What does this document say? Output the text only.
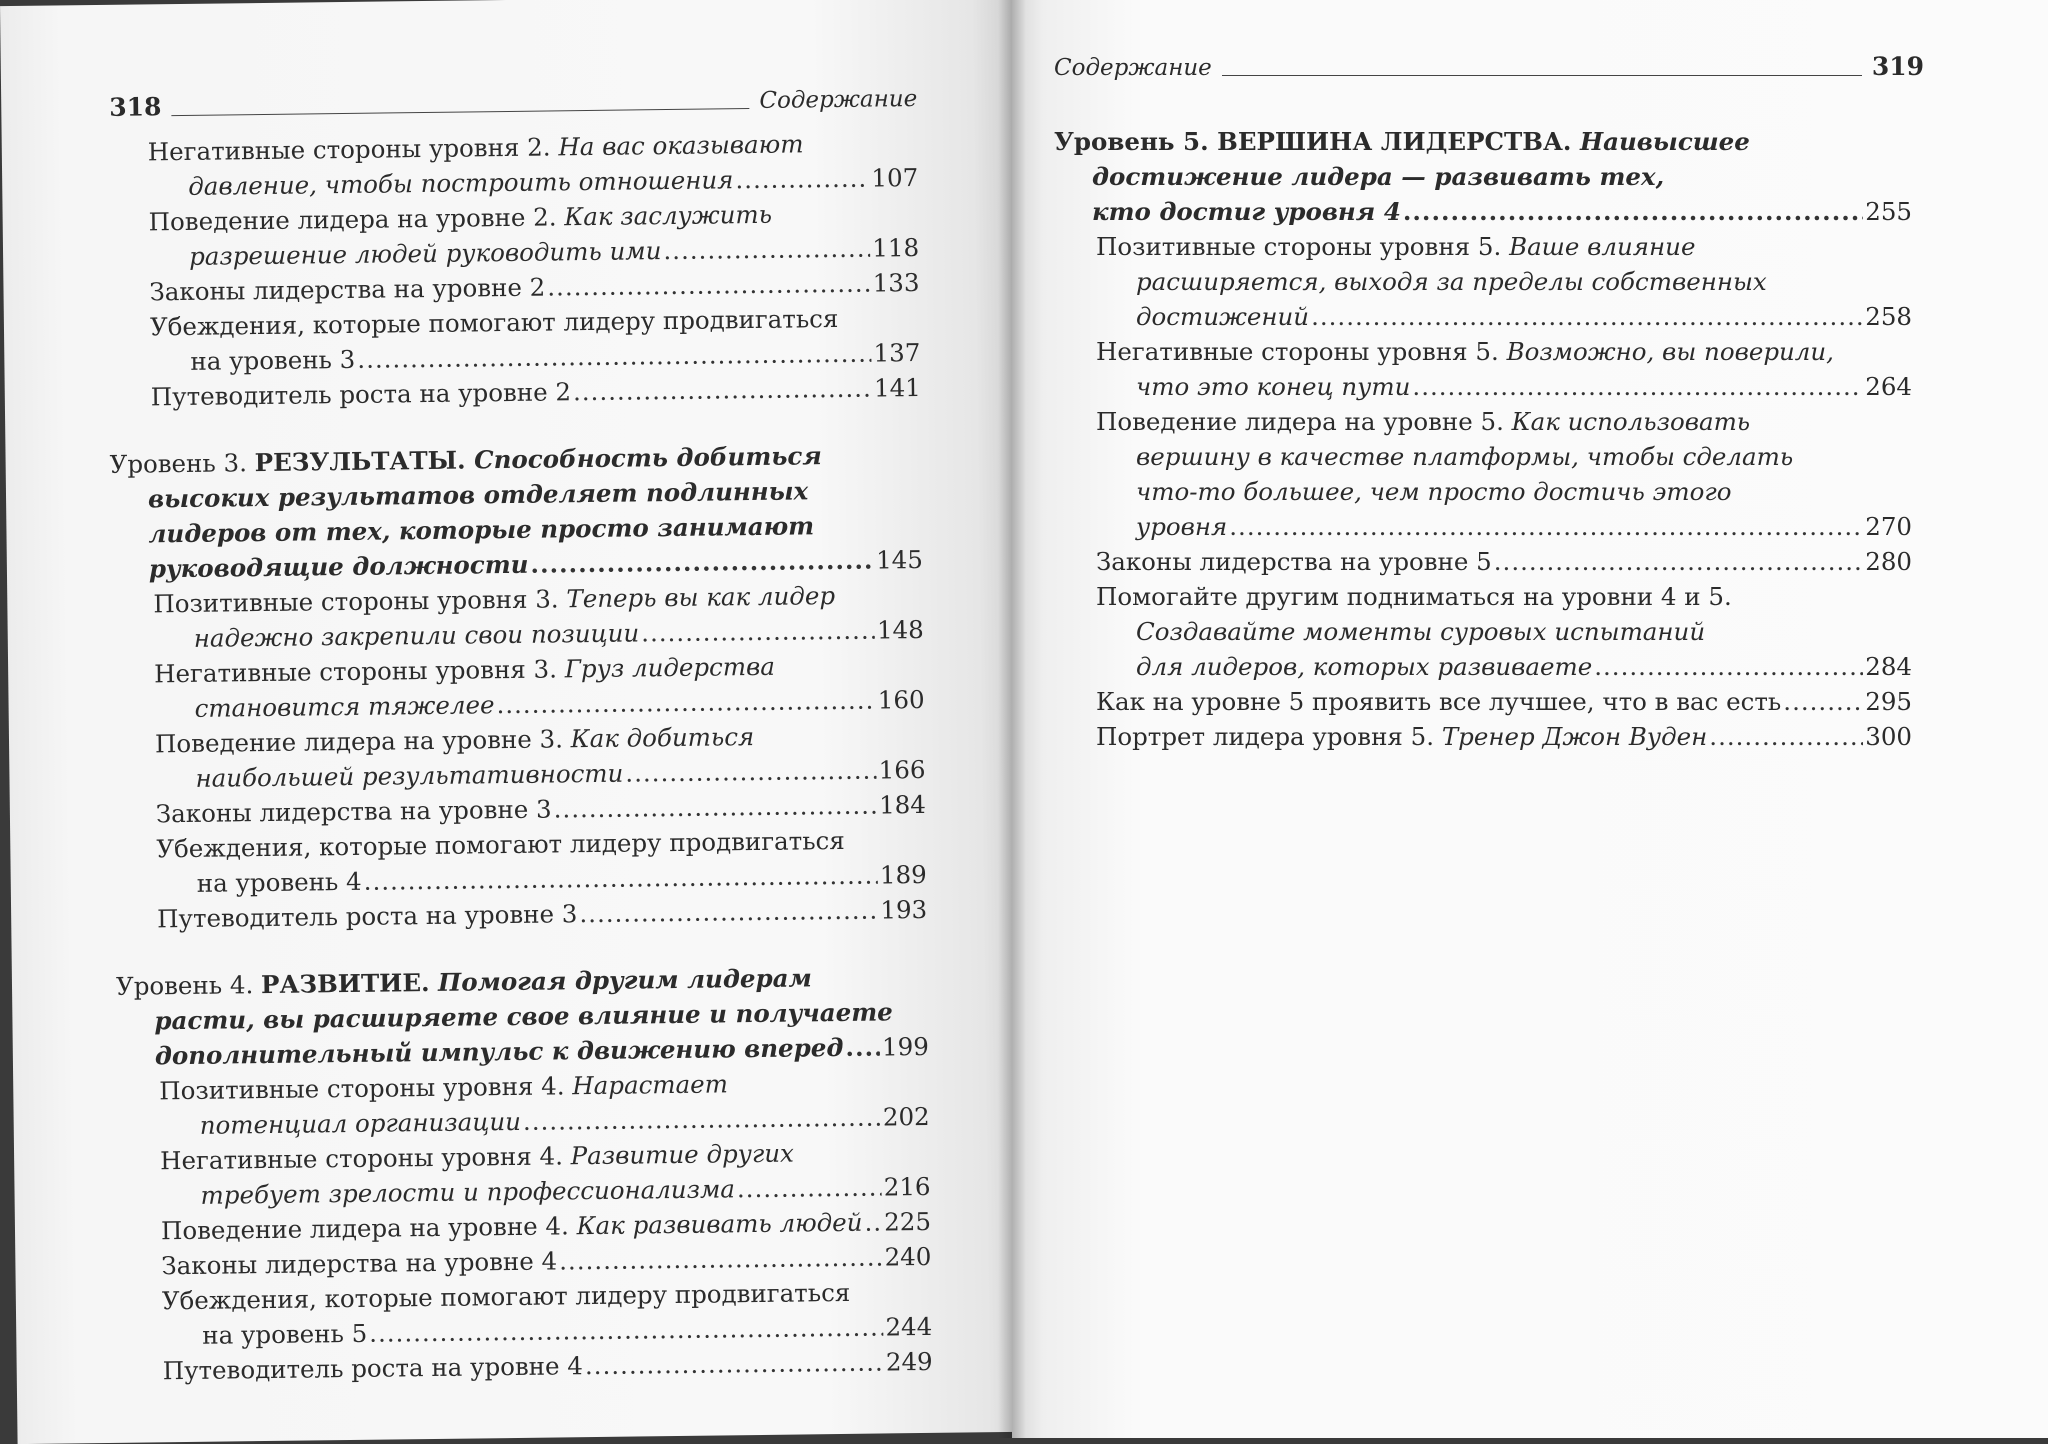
318	Содержание
Негативные стороны уровня 2. На вас оказывают
давление, чтобы построить отношения .....	107
Поведение лидера на уровне 2. Как заслужить
разрешение людей руководить ими .....	118
Законы лидерства на уровне 2 .....	133
Убеждения, которые помогают лидеру продвигаться
на уровень 3 .....	137
Путеводитель роста на уровне 2 .....	141
Уровень 3. РЕЗУЛЬТАТЫ. Способность добиться
высоких результатов отделяет подлинных
лидеров от тех, которые просто занимают
руководящие должности .....	145
Позитивные стороны уровня 3. Теперь вы как лидер
надежно закрепили свои позиции .....	148
Негативные стороны уровня 3. Груз лидерства
становится тяжелее .....	160
Поведение лидера на уровне 3. Как добиться
наибольшей результативности .....	166
Законы лидерства на уровне 3 .....	184
Убеждения, которые помогают лидеру продвигаться
на уровень 4 .....	189
Путеводитель роста на уровне 3 .....	193
Уровень 4. РАЗВИТИЕ. Помогая другим лидерам
расти, вы расширяете свое влияние и получаете
дополнительный импульс к движению вперед ..... 199
Позитивные стороны уровня 4. Нарастает
потенциал организации .....	202
Негативные стороны уровня 4. Развитие других
требует зрелости и профессионализма .....	216
Поведение лидера на уровне 4. Как развивать людей ..... 225
Законы лидерства на уровне 4 .....	240
Убеждения, которые помогают лидеру продвигаться
на уровень 5 .....	244
Путеводитель роста на уровне 4 .....	249
Содержание	319
Уровень 5. ВЕРШИНА ЛИДЕРСТВА. Наивысшее
достижение лидера — развивать тех,
кто достиг уровня 4 .....	255
Позитивные стороны уровня 5. Ваше влияние
расширяется, выходя за пределы собственных
достижений .....	258
Негативные стороны уровня 5. Возможно, вы поверили,
что это конец пути .....	264
Поведение лидера на уровне 5. Как использовать
вершину в качестве платформы, чтобы сделать
что-то большее, чем просто достичь этого
уровня .....	270
Законы лидерства на уровне 5 .....	280
Помогайте другим подниматься на уровни 4 и 5.
Создавайте моменты суровых испытаний
для лидеров, которых развиваете .....	284
Как на уровне 5 проявить все лучшее, что в вас есть .....	295
Портрет лидера уровня 5. Тренер Джон Вуден .....	300
